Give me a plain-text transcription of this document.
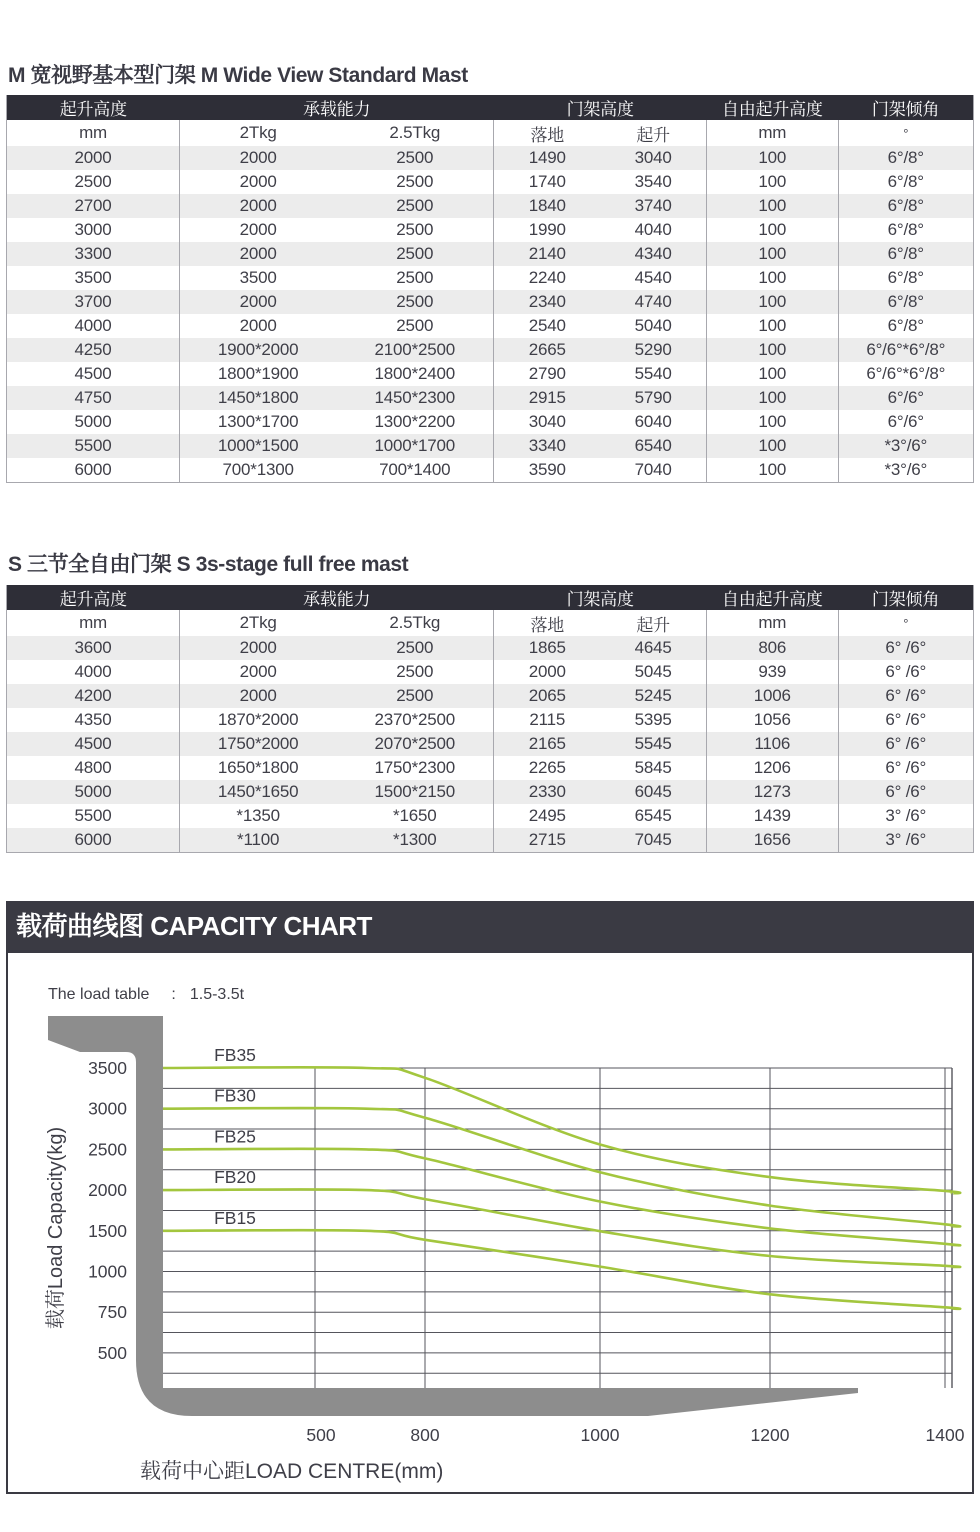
M 宽视野基本型门架 M Wide View Standard Mast
起升高度	承载能力		门架高度		自由起升高度	门架倾角
mm	2Tkg	2.5Tkg	落地	起升	mm	°
2000	2000	2500	1490	3040	100	6°/8°
2500	2000	2500	1740	3540	100	6°/8°
2700	2000	2500	1840	3740	100	6°/8°
3000	2000	2500	1990	4040	100	6°/8°
3300	2000	2500	2140	4340	100	6°/8°
3500	3500	2500	2240	4540	100	6°/8°
3700	2000	2500	2340	4740	100	6°/8°
4000	2000	2500	2540	5040	100	6°/8°
4250	1900*2000	2100*2500	2665	5290	100	6°/6°*6°/8°
4500	1800*1900	1800*2400	2790	5540	100	6°/6°*6°/8°
4750	1450*1800	1450*2300	2915	5790	100	6°/6°
5000	1300*1700	1300*2200	3040	6040	100	6°/6°
5500	1000*1500	1000*1700	3340	6540	100	*3°/6°
6000	700*1300	700*1400	3590	7040	100	*3°/6°
S 三节全自由门架 S 3s-stage full free mast
起升高度	承载能力		门架高度		自由起升高度	门架倾角
mm	2Tkg	2.5Tkg	落地	起升	mm	°
3600	2000	2500	1865	4645	806	6° /6°
4000	2000	2500	2000	5045	939	6° /6°
4200	2000	2500	2065	5245	1006	6° /6°
4350	1870*2000	2370*2500	2115	5395	1056	6° /6°
4500	1750*2000	2070*2500	2165	5545	1106	6° /6°
4800	1650*1800	1750*2300	2265	5845	1206	6° /6°
5000	1450*1650	1500*2150	2330	6045	1273	6° /6°
5500	*1350	*1650	2495	6545	1439	3° /6°
6000	*1100	*1300	2715	7045	1656	3° /6°
载荷曲线图 CAPACITY CHART
3500
3000
2500
2000
1500
1000
750
500
500	800	1000	1200	1400
载荷Load Capacity(kg)
载荷中心距LOAD CENTRE(mm)
FB35
FB30
FB25
FB20
FB15
The load table : 1.5-3.5t
